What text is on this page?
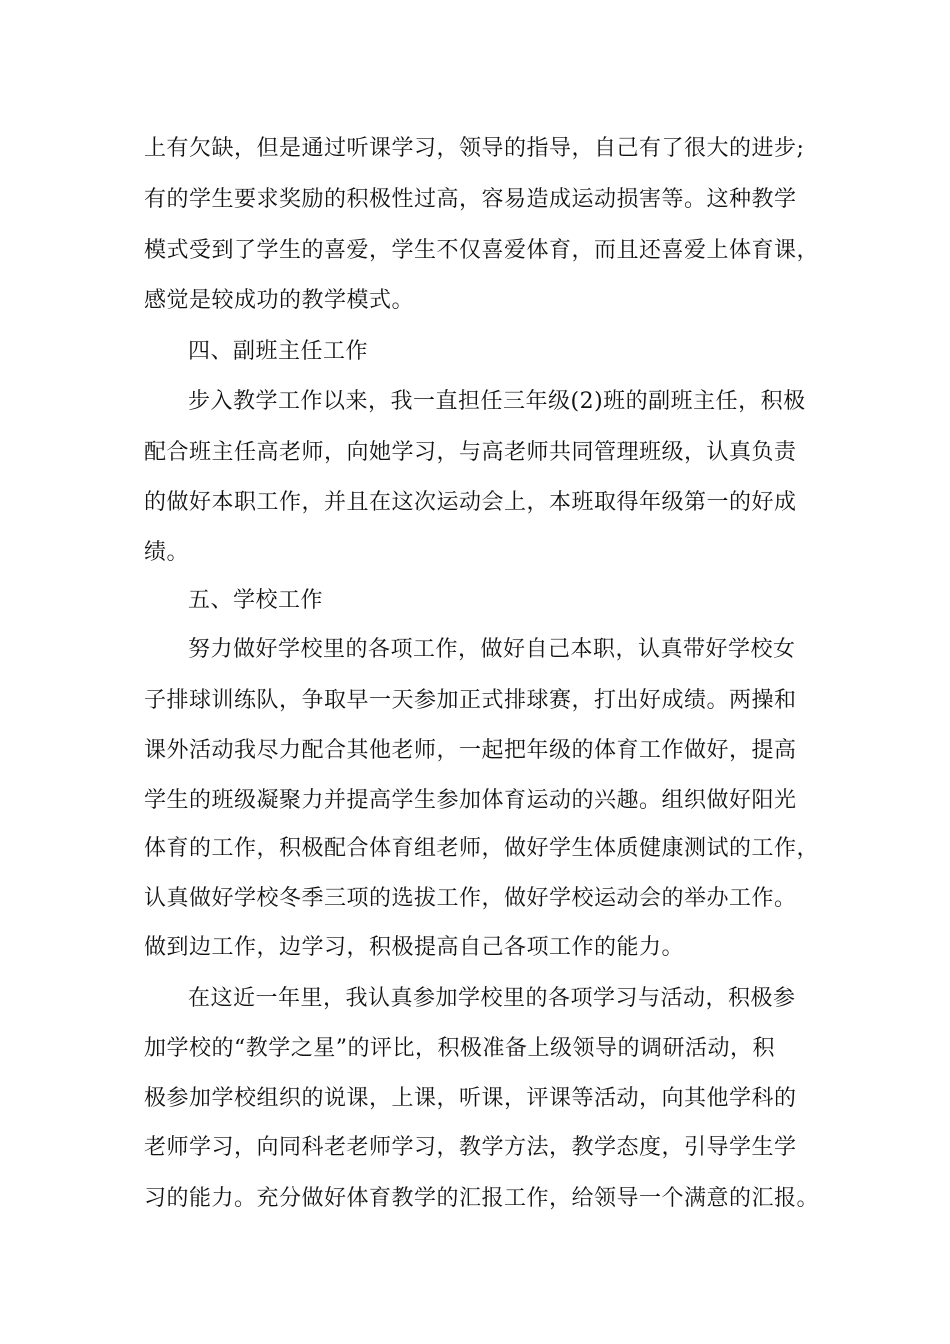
上有欠缺，但是通过听课学习，领导的指导，自己有了很大的进步;
有的学生要求奖励的积极性过高，容易造成运动损害等。这种教学
模式受到了学生的喜爱，学生不仅喜爱体育，而且还喜爱上体育课，
感觉是较成功的教学模式。
四、副班主任工作
步入教学工作以来，我一直担任三年级(2)班的副班主任，积极
配合班主任高老师，向她学习，与高老师共同管理班级，认真负责
的做好本职工作，并且在这次运动会上，本班取得年级第一的好成
绩。
五、学校工作
努力做好学校里的各项工作，做好自己本职，认真带好学校女
子排球训练队，争取早一天参加正式排球赛，打出好成绩。两操和
课外活动我尽力配合其他老师，一起把年级的体育工作做好，提高
学生的班级凝聚力并提高学生参加体育运动的兴趣。组织做好阳光
体育的工作，积极配合体育组老师，做好学生体质健康测试的工作，
认真做好学校冬季三项的选拔工作，做好学校运动会的举办工作。
做到边工作，边学习，积极提高自己各项工作的能力。
在这近一年里，我认真参加学校里的各项学习与活动，积极参
加学校的“教学之星”的评比，积极准备上级领导的调研活动，积
极参加学校组织的说课，上课，听课，评课等活动，向其他学科的
老师学习，向同科老老师学习，教学方法，教学态度，引导学生学
习的能力。充分做好体育教学的汇报工作，给领导一个满意的汇报。
